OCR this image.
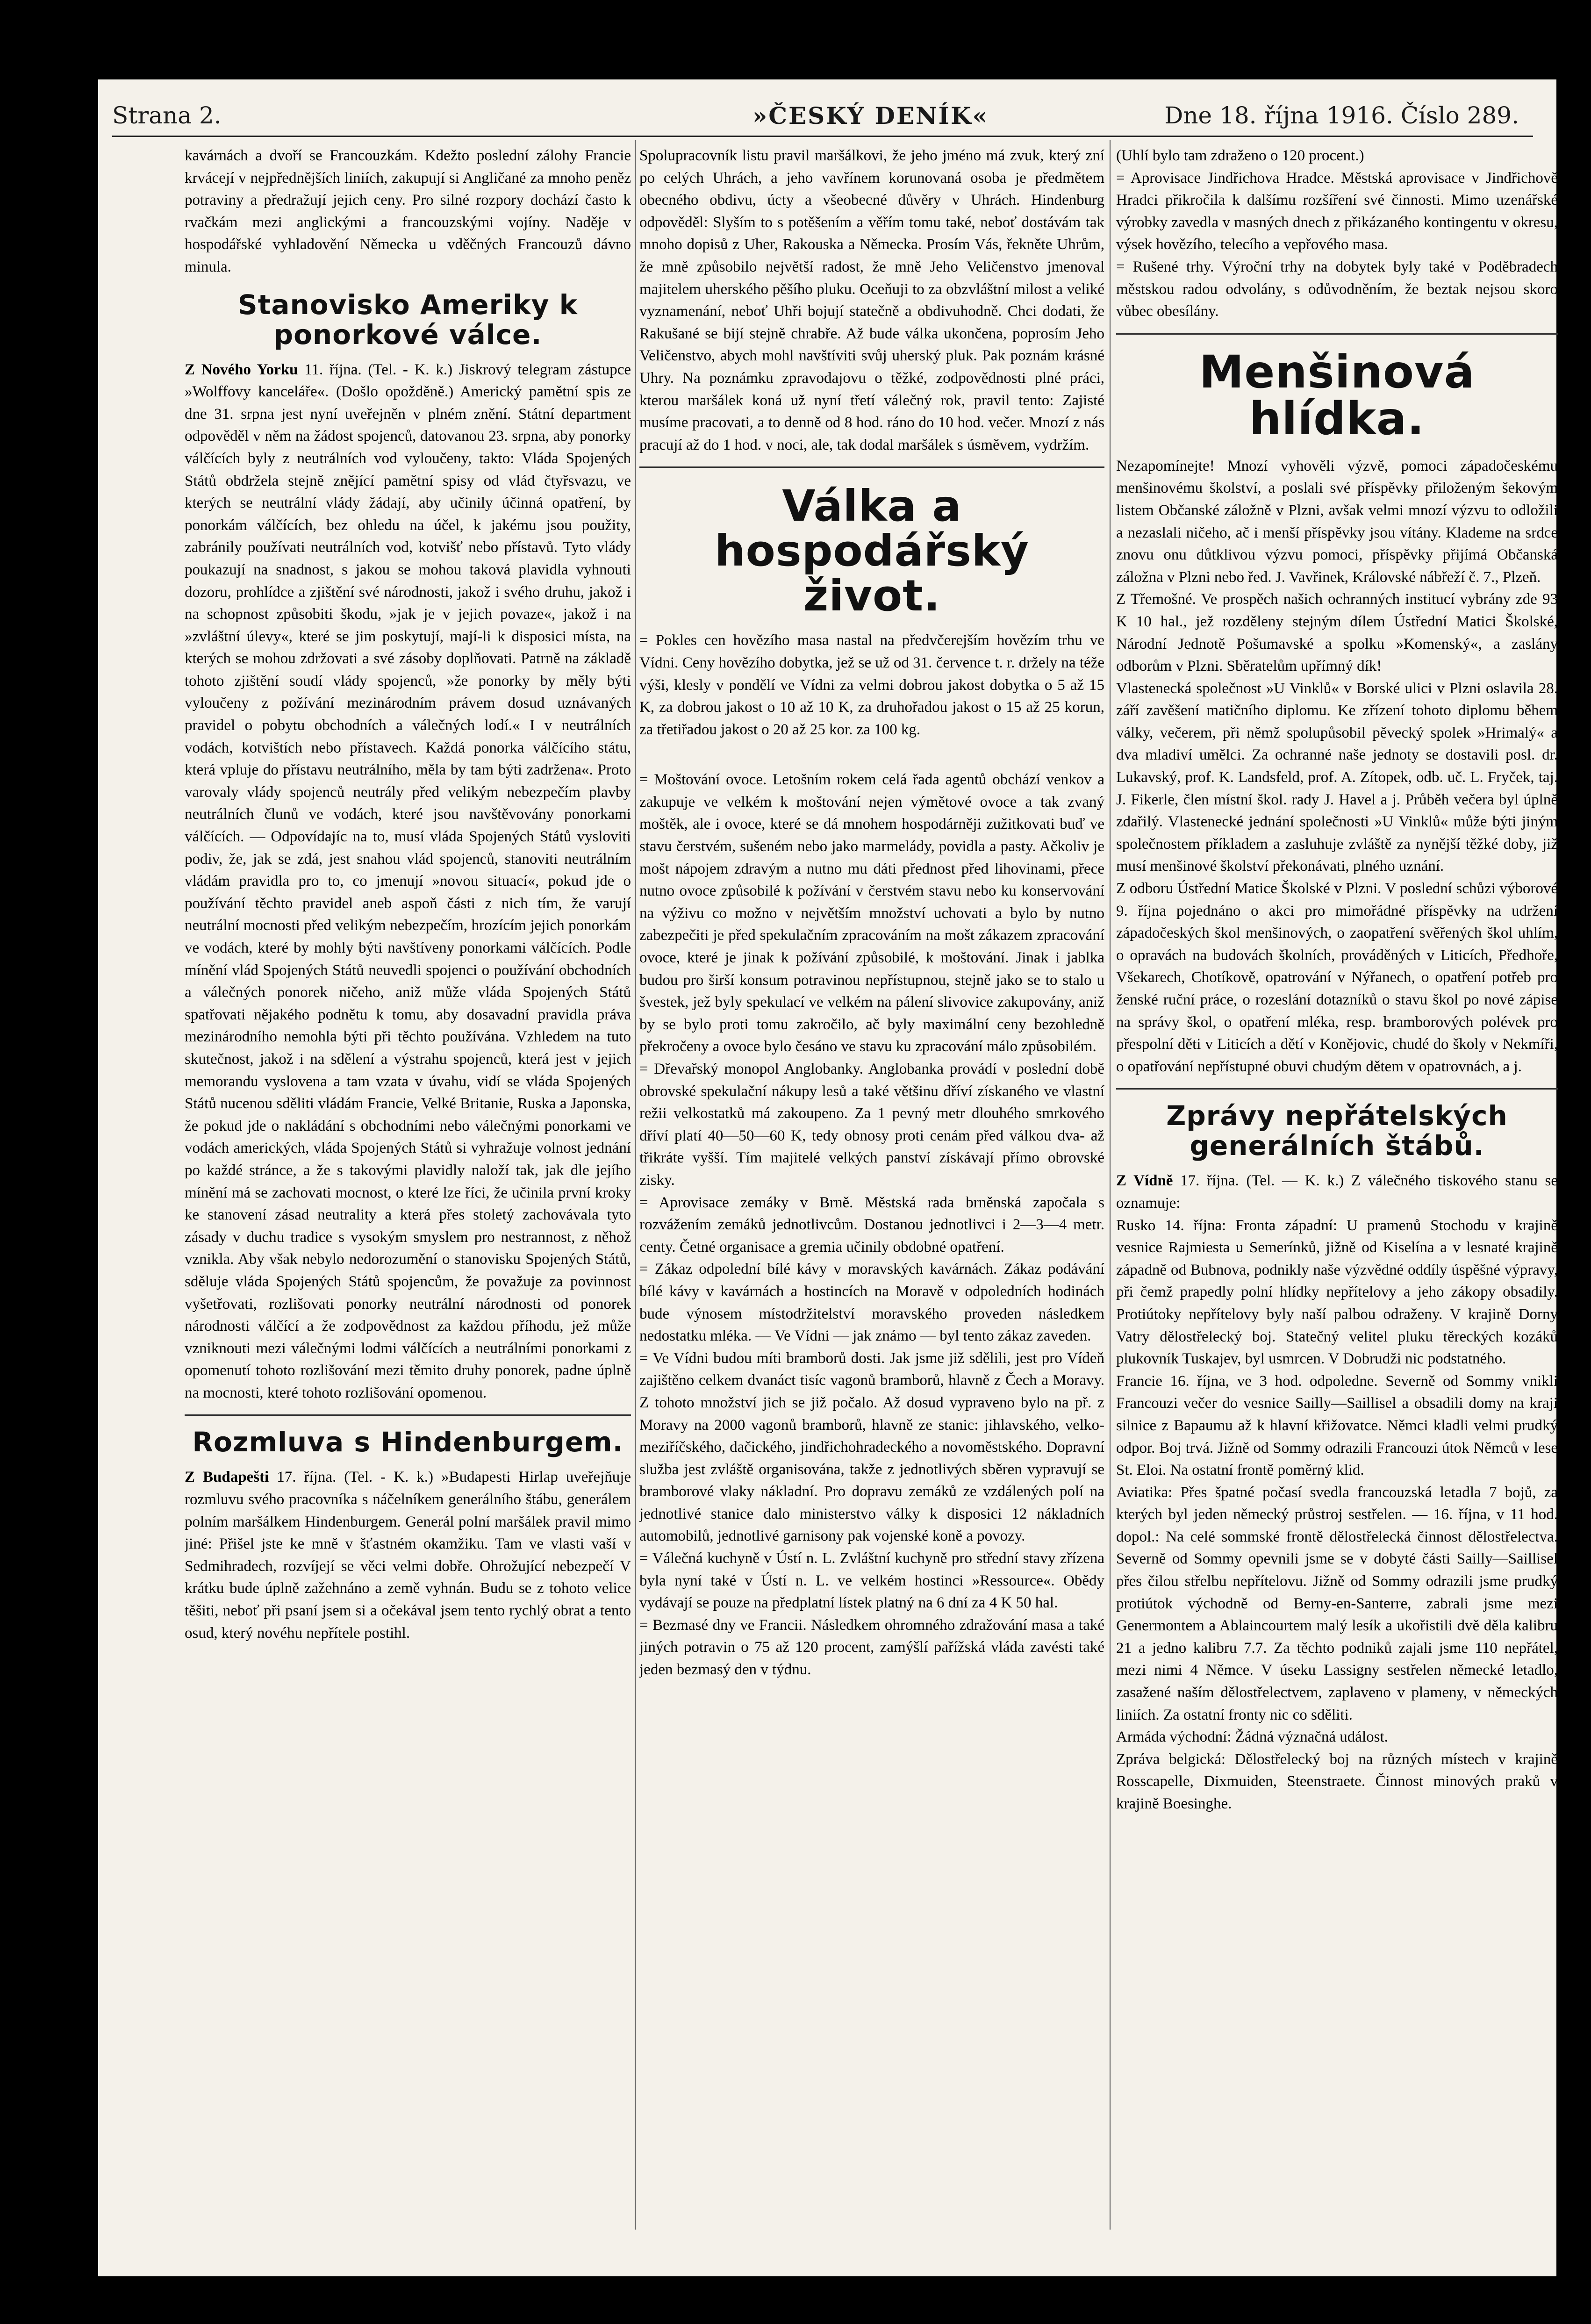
Strana 2.	»ČESKÝ DENÍK«	Dne 18. října 1916. Číslo 289.

kavárnách a dvoří se Francouzkám. Kdežto poslední zálohy Francie krvácejí v nejpřednějších liniích, zakupují si Angličané za mnoho peněz potraviny a předražují jejich ceny. Pro silné rozpory dochází často k rvačkám mezi anglickými a francouzskými vojíny. Naděje v hospodářské vyhladovění Německa u vděčných Francouzů dávno minula.

Stanovisko Ameriky k ponorkové válce.

Z Nového Yorku 11. října. (Tel. - K. k.) Jiskrový telegram zástupce »Wolffovy kanceláře«. (Došlo opožděně.) Americký pamětní spis ze dne 31. srpna jest nyní uveřejněn v plném znění. Státní department odpověděl v něm na žádost spojenců, datovanou 23. srpna, aby ponorky válčících byly z neutrálních vod vyloučeny, takto: Vláda Spojených Států obdržela stejně znějící pamětní spisy od vlád čtyřsvazu, ve kterých se neutrální vlády žádají, aby učinily účinná opatření, by ponorkám válčících, bez ohledu na účel, k jakému jsou použity, zabránily používati neutrálních vod, kotvišť nebo přístavů. Tyto vlády poukazují na snadnost, s jakou se mohou taková plavidla vyhnouti dozoru, prohlídce a zjištění své národnosti, jakož i svého druhu, jakož i na schopnost způsobiti škodu, »jak je v jejich povaze«, jakož i na »zvláštní úlevy«, které se jim poskytují, mají-li k disposici místa, na kterých se mohou zdržovati a své zásoby doplňovati. Patrně na základě tohoto zjištění soudí vlády spojenců, »že ponorky by měly býti vyloučeny z požívání mezinárodním právem dosud uznávaných pravidel o pobytu obchodních a válečných lodí.« I v neutrálních vodách, kotvištích nebo přístavech. Každá ponorka válčícího státu, která vpluje do přístavu neutrálního, měla by tam býti zadržena«. Proto varovaly vlády spojenců neutrály před velikým nebezpečím plavby neutrálních člunů ve vodách, které jsou navštěvovány ponorkami válčících. — Odpovídajíc na to, musí vláda Spojených Států vysloviti podiv, že, jak se zdá, jest snahou vlád spojenců, stanoviti neutrálním vládám pravidla pro to, co jmenují »novou situací«, pokud jde o používání těchto pravidel aneb aspoň části z nich tím, že varují neutrální mocnosti před velikým nebezpečím, hrozícím jejich ponorkám ve vodách, které by mohly býti navštíveny ponorkami válčících. Podle mínění vlád Spojených Států neuvedli spojenci o používání obchodních a válečných ponorek ničeho, aniž může vláda Spojených Států spatřovati nějakého podnětu k tomu, aby dosavadní pravidla práva mezinárodního nemohla býti při těchto používána. Vzhledem na tuto skutečnost, jakož i na sdělení a výstrahu spojenců, která jest v jejich memorandu vyslovena a tam vzata v úvahu, vidí se vláda Spojených Států nucenou sděliti vládám Francie, Velké Britanie, Ruska a Japonska, že pokud jde o nakládání s obchodními nebo válečnými ponorkami ve vodách amerických, vláda Spojených Států si vyhražuje volnost jednání po každé stránce, a že s takovými plavidly naloží tak, jak dle jejího mínění má se zachovati mocnost, o které lze říci, že učinila první kroky ke stanovení zásad neutrality a která přes stoletý zachovávala tyto zásady v duchu tradice s vysokým smyslem pro nestrannost, z něhož vznikla. Aby však nebylo nedorozumění o stanovisku Spojených Států, sděluje vláda Spojených Států spojencům, že považuje za povinnost vyšetřovati, rozlišovati ponorky neutrální národnosti od ponorek národnosti válčící a že zodpovědnost za každou příhodu, jež může vzniknouti mezi válečnými lodmi válčících a neutrálními ponorkami z opomenutí tohoto rozlišování mezi těmito druhy ponorek, padne úplně na mocnosti, které tohoto rozlišování opomenou.

Rozmluva s Hindenburgem.

Z Budapešti 17. října. (Tel. - K. k.) »Budapesti Hirlap uveřejňuje rozmluvu svého pracovníka s náčelníkem generálního štábu, generálem polním maršálkem Hindenburgem. Generál polní maršálek pravil mimo jiné: Přišel jste ke mně v šťastném okamžiku. Tam ve vlasti vaší v Sedmihradech, rozvíjejí se věci velmi dobře. Ohrožující nebezpečí V krátku bude úplně zažehnáno a země vyhnán. Budu se z tohoto velice těšiti, neboť při psaní jsem si a očekával jsem tento rychlý obrat a tento osud, který novéhu nepřítele postihl.

Spolupracovník listu pravil maršálkovi, že jeho jméno má zvuk, který zní po celých Uhrách, a jeho vavřínem korunovaná osoba je předmětem obecného obdivu, úcty a všeobecné důvěry v Uhrách. Hindenburg odpověděl: Slyším to s potěšením a věřím tomu také, neboť dostávám tak mnoho dopisů z Uher, Rakouska a Německa. Prosím Vás, řekněte Uhrům, že mně způsobilo největší radost, že mně Jeho Veličenstvo jmenoval majitelem uherského pěšího pluku. Oceňuji to za obzvláštní milost a veliké vyznamenání, neboť Uhři bojují statečně a obdivuhodně. Chci dodati, že Rakušané se bijí stejně chrabře. Až bude válka ukončena, poprosím Jeho Veličenstvo, abych mohl navštíviti svůj uherský pluk. Pak poznám krásné Uhry. Na poznámku zpravodajovu o těžké, zodpovědnosti plné práci, kterou maršálek koná už nyní třetí válečný rok, pravil tento: Zajisté musíme pracovati, a to denně od 8 hod. ráno do 10 hod. večer. Mnozí z nás pracují až do 1 hod. v noci, ale, tak dodal maršálek s úsměvem, vydržím.

Válka a hospodářský život.

= Pokles cen hovězího masa nastal na předvčerejším hovězím trhu ve Vídni. Ceny hovězího dobytka, jež se už od 31. července t. r. držely na téže výši, klesly v pondělí ve Vídni za velmi dobrou jakost dobytka o 5 až 15 K, za dobrou jakost o 10 až 10 K, za druhořadou jakost o 15 až 25 korun, za třetiřadou jakost o 20 až 25 kor. za 100 kg.

= Moštování ovoce. Letošním rokem celá řada agentů obchází venkov a zakupuje ve velkém k moštování nejen výmětové ovoce a tak zvaný moštěk, ale i ovoce, které se dá mnohem hospodárněji zužitkovati buď ve stavu čerstvém, sušeném nebo jako marmelády, povidla a pasty. Ačkoliv je mošt nápojem zdravým a nutno mu dáti přednost před lihovinami, přece nutno ovoce způsobilé k požívání v čerstvém stavu nebo ku konservování na výživu co možno v největším množství uchovati a bylo by nutno zabezpečiti je před spekulačním zpracováním na mošt zákazem zpracování ovoce, které je jinak k požívání způsobilé, k moštování. Jinak i jablka budou pro širší konsum potravinou nepřístupnou, stejně jako se to stalo u švestek, jež byly spekulací ve velkém na pálení slivovice zakupovány, aniž by se bylo proti tomu zakročilo, ač byly maximální ceny bezohledně překročeny a ovoce bylo česáno ve stavu ku zpracování málo způsobilém.

= Dřevařský monopol Anglobanky. Anglobanka provádí v poslední době obrovské spekulační nákupy lesů a také většinu dříví získaného ve vlastní režii velkostatků má zakoupeno. Za 1 pevný metr dlouhého smrkového dříví platí 40—50—60 K, tedy obnosy proti cenám před válkou dva- až třikráte vyšší. Tím majitelé velkých panství získávají přímo obrovské zisky.

= Aprovisace zemáky v Brně. Městská rada brněnská započala s rozvážením zemáků jednotlivcům. Dostanou jednotlivci i 2—3—4 metr. centy. Četné organisace a gremia učinily obdobné opatření.

= Zákaz odpolední bílé kávy v moravských kavárnách. Zákaz podávání bílé kávy v kavárnách a hostincích na Moravě v odpoledních hodinách bude výnosem místodržitelství moravského proveden následkem nedostatku mléka. — Ve Vídni — jak známo — byl tento zákaz zaveden.

= Ve Vídni budou míti bramborů dosti. Jak jsme již sdělili, jest pro Vídeň zajištěno celkem dvanáct tisíc vagonů bramborů, hlavně z Čech a Moravy. Z tohoto množství jich se již počalo. Až dosud vypraveno bylo na př. z Moravy na 2000 vagonů bramborů, hlavně ze stanic: jihlavského, velko-meziříčského, dačického, jindřichohradeckého a novoměstského. Dopravní služba jest zvláště organisována, takže z jednotlivých sběren vypravují se bramborové vlaky nákladní. Pro dopravu zemáků ze vzdálených polí na jednotlivé stanice dalo ministerstvo války k disposici 12 nákladních automobilů, jednotlivé garnisony pak vojenské koně a povozy.

= Válečná kuchyně v Ústí n. L. Zvláštní kuchyně pro střední stavy zřízena byla nyní také v Ústí n. L. ve velkém hostinci »Ressource«. Obědy vydávají se pouze na předplatní lístek platný na 6 dní za 4 K 50 hal.

= Bezmasé dny ve Francii. Následkem ohromného zdražování masa a také jiných potravin o 75 až 120 procent, zamýšlí pařížská vláda zavésti také jeden bezmasý den v týdnu.

(Uhlí bylo tam zdraženo o 120 procent.)

= Aprovisace Jindřichova Hradce. Městská aprovisace v Jindřichově Hradci přikročila k dalšímu rozšíření své činnosti. Mimo uzenářské výrobky zavedla v masných dnech z přikázaného kontingentu v okresu, výsek hovězího, telecího a vepřového masa.

= Rušené trhy. Výroční trhy na dobytek byly také v Poděbradech městskou radou odvolány, s odůvodněním, že beztak nejsou skoro vůbec obesílány.

Menšinová hlídka.

Nezapomínejte! Mnozí vyhověli výzvě, pomoci západočeskému menšinovému školství, a poslali své příspěvky přiloženým šekovým listem Občanské záložně v Plzni, avšak velmi mnozí výzvu to odložili a nezaslali ničeho, ač i menší příspěvky jsou vítány. Klademe na srdce znovu onu důtklivou výzvu pomoci, příspěvky přijímá Občanská záložna v Plzni nebo řed. J. Vavřinek, Královské nábřeží č. 7., Plzeň.

Z Třemošné. Ve prospěch našich ochranných institucí vybrány zde 93 K 10 hal., jež rozděleny stejným dílem Ústřední Matici Školské, Národní Jednotě Pošumavské a spolku »Komenský«, a zaslány odborům v Plzni. Sběratelům upřímný dík!

Vlastenecká společnost »U Vinklů« v Borské ulici v Plzni oslavila 28. září zavěšení matičního diplomu. Ke zřízení tohoto diplomu během války, večerem, při němž spolupůsobil pěvecký spolek »Hrimalý« a dva mladiví umělci. Za ochranné naše jednoty se dostavili posl. dr. Lukavský, prof. K. Landsfeld, prof. A. Zítopek, odb. uč. L. Fryček, taj. J. Fikerle, člen místní škol. rady J. Havel a j. Průběh večera byl úplně zdařilý. Vlastenecké jednání společnosti »U Vinklů« může býti jiným společnostem příkladem a zasluhuje zvláště za nynější těžké doby, již musí menšinové školství překonávati, plného uznání.

Z odboru Ústřední Matice Školské v Plzni. V poslední schůzi výborové 9. října pojednáno o akci pro mimořádné příspěvky na udržení západočeských škol menšinových, o zaopatření svěřených škol uhlím, o opravách na budovách školních, prováděných v Liticích, Předhoře, Všekarech, Chotíkově, opatrování v Nýřanech, o opatření potřeb pro ženské ruční práce, o rozeslání dotazníků o stavu škol po nové zápise na správy škol, o opatření mléka, resp. bramborových polévek pro přespolní děti v Liticích a dětí v Konějovic, chudé do školy v Nekmíři, o opatřování nepřístupné obuvi chudým dětem v opatrovnách, a j.

Zprávy nepřátelských generálních štábů.

Z Vídně 17. října. (Tel. — K. k.) Z válečného tiskového stanu se oznamuje:

Rusko 14. října: Fronta západní: U pramenů Stochodu v krajině vesnice Rajmiesta u Semerínků, jižně od Kiselína a v lesnaté krajině západně od Bubnova, podnikly naše výzvědné oddíly úspěšné výpravy, při čemž prapedly polní hlídky nepřítelovy a jeho zákopy obsadily. Protiútoky nepřítelovy byly naší palbou odraženy. V krajině Dorny Vatry dělostřelecký boj. Statečný velitel pluku těreckých kozáků plukovník Tuskajev, byl usmrcen. V Dobrudži nic podstatného.

Francie 16. října, ve 3 hod. odpoledne. Severně od Sommy vnikli Francouzi večer do vesnice Sailly—Saillisel a obsadili domy na kraji silnice z Bapaumu až k hlavní křižovatce. Němci kladli velmi prudký odpor. Boj trvá. Jižně od Sommy odrazili Francouzi útok Němců v lese St. Eloi. Na ostatní frontě poměrný klid.

Aviatika: Přes špatné počasí svedla francouzská letadla 7 bojů, za kterých byl jeden německý průstroj sestřelen. — 16. října, v 11 hod. dopol.: Na celé sommské frontě dělostřelecká činnost dělostřelectva. Severně od Sommy opevnili jsme se v dobyté části Sailly—Saillisel přes čilou střelbu nepřítelovu. Jižně od Sommy odrazili jsme prudký protiútok východně od Berny-en-Santerre, zabrali jsme mezi Genermontem a Ablaincourtem malý lesík a ukořistili dvě děla kalibru 21 a jedno kalibru 7.7. Za těchto podniků zajali jsme 110 nepřátel, mezi nimi 4 Němce. V úseku Lassigny sestřelen německé letadlo, zasažené naším dělostřelectvem, zaplaveno v plameny, v německých liniích. Za ostatní fronty nic co sděliti.

Armáda východní: Žádná význačná událost.

Zpráva belgická: Dělostřelecký boj na různých místech v krajině Rosscapelle, Dixmuiden, Steenstraete. Činnost minových praků v krajině Boesinghe.
